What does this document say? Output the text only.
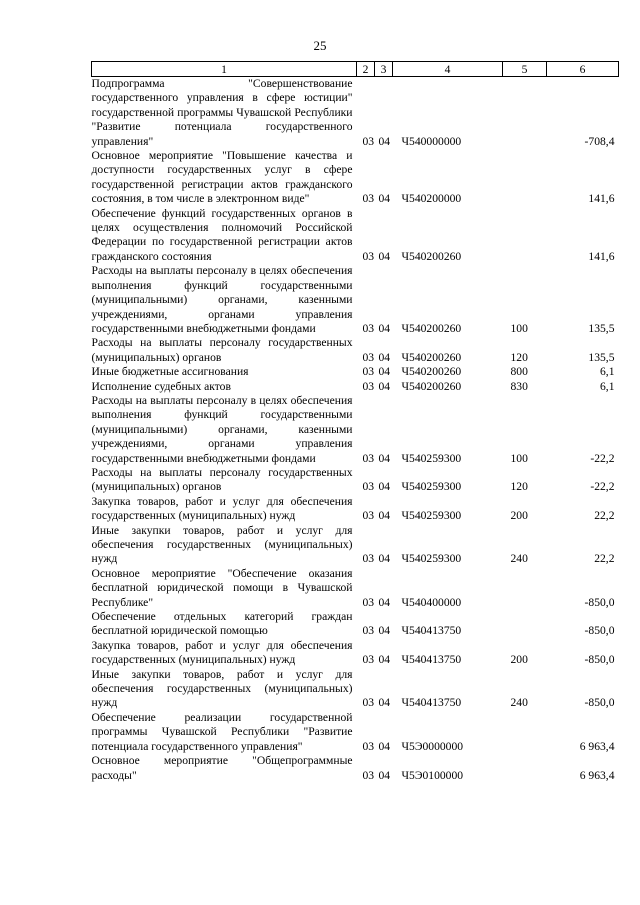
25
1	2	3	4	5	6
Подпрограмма "Совершенствование государственного управления в сфере юстиции" государственной программы Чувашской Республики "Развитие потенциала государственного управления"	03	04	Ч540000000		-708,4
Основное мероприятие "Повышение качества и доступности государственных услуг в сфере государственной регистрации актов гражданского состояния, в том числе в электронном виде"	03	04	Ч540200000		141,6
Обеспечение функций государственных органов в целях осуществления полномочий Российской Федерации по государственной регистрации актов гражданского состояния	03	04	Ч540200260		141,6
Расходы на выплаты персоналу в целях обеспечения выполнения функций государственными (муниципальными) органами, казенными учреждениями, органами управления государственными внебюджетными фондами	03	04	Ч540200260	100	135,5
Расходы на выплаты персоналу государственных (муниципальных) органов	03	04	Ч540200260	120	135,5
Иные бюджетные ассигнования	03	04	Ч540200260	800	6,1
Исполнение судебных актов	03	04	Ч540200260	830	6,1
Расходы на выплаты персоналу в целях обеспечения выполнения функций государственными (муниципальными) органами, казенными учреждениями, органами управления государственными внебюджетными фондами	03	04	Ч540259300	100	-22,2
Расходы на выплаты персоналу государственных (муниципальных) органов	03	04	Ч540259300	120	-22,2
Закупка товаров, работ и услуг для обеспечения государственных (муниципальных) нужд	03	04	Ч540259300	200	22,2
Иные закупки товаров, работ и услуг для обеспечения государственных (муниципальных) нужд	03	04	Ч540259300	240	22,2
Основное мероприятие "Обеспечение оказания бесплатной юридической помощи в Чувашской Республике"	03	04	Ч540400000		-850,0
Обеспечение отдельных категорий граждан бесплатной юридической помощью	03	04	Ч540413750		-850,0
Закупка товаров, работ и услуг для обеспечения государственных (муниципальных) нужд	03	04	Ч540413750	200	-850,0
Иные закупки товаров, работ и услуг для обеспечения государственных (муниципальных) нужд	03	04	Ч540413750	240	-850,0
Обеспечение реализации государственной программы Чувашской Республики "Развитие потенциала государственного управления"	03	04	Ч5Э0000000		6 963,4
Основное мероприятие "Общепрограммные расходы"	03	04	Ч5Э0100000		6 963,4
